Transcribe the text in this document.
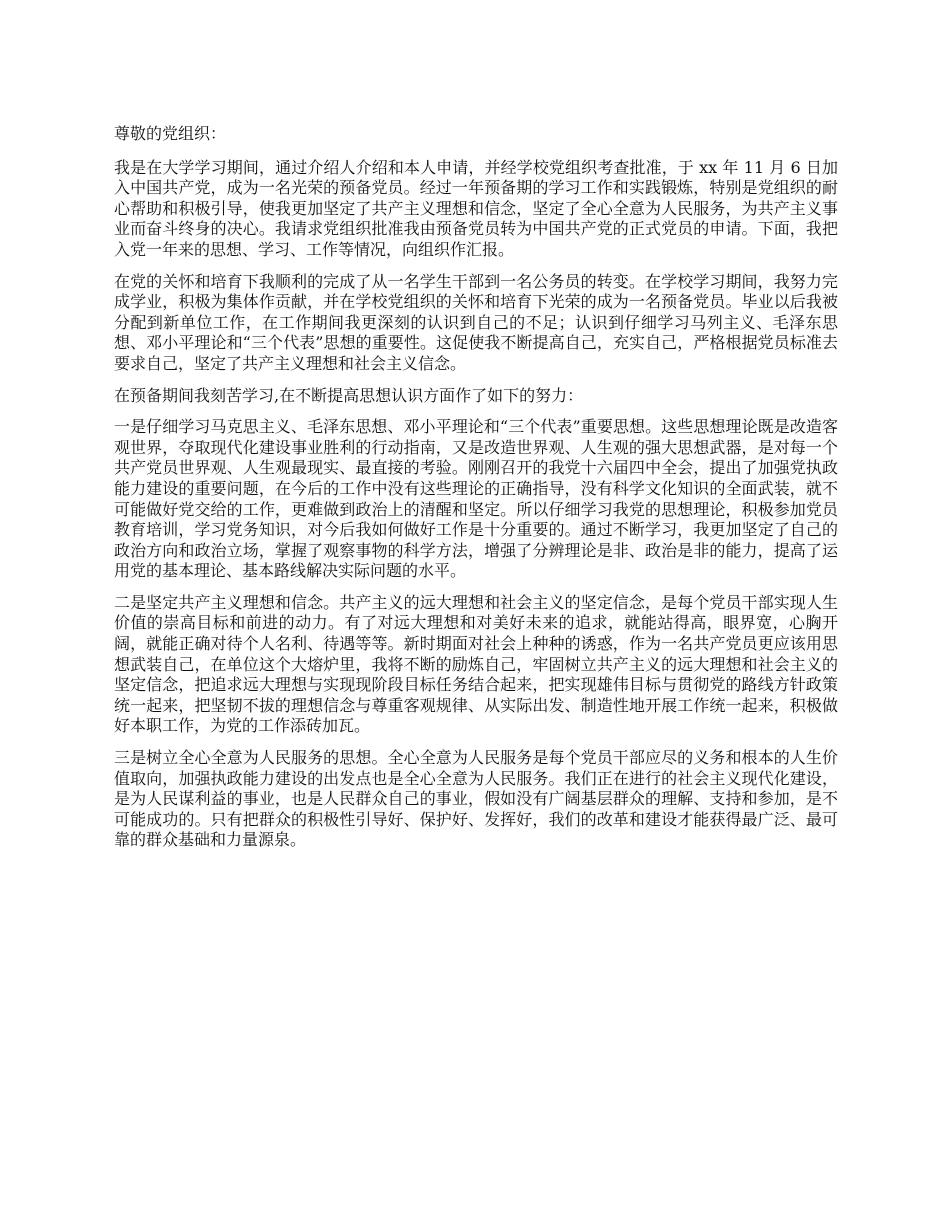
尊敬的党组织：

我是在大学学习期间，通过介绍人介绍和本人申请，并经学校党组织考查批准，于 xx 年 11 月 6 日加入中国共产党，成为一名光荣的预备党员。经过一年预备期的学习工作和实践锻炼，特别是党组织的耐心帮助和积极引导，使我更加坚定了共产主义理想和信念，坚定了全心全意为人民服务，为共产主义事业而奋斗终身的决心。我请求党组织批准我由预备党员转为中国共产党的正式党员的申请。下面，我把入党一年来的思想、学习、工作等情况，向组织作汇报。

在党的关怀和培育下我顺利的完成了从一名学生干部到一名公务员的转变。在学校学习期间，我努力完成学业，积极为集体作贡献，并在学校党组织的关怀和培育下光荣的成为一名预备党员。毕业以后我被分配到新单位工作，在工作期间我更深刻的认识到自己的不足；认识到仔细学习马列主义、毛泽东思想、邓小平理论和“三个代表”思想的重要性。这促使我不断提高自己，充实自己，严格根据党员标准去要求自己，坚定了共产主义理想和社会主义信念。

在预备期间我刻苦学习,在不断提高思想认识方面作了如下的努力：

一是仔细学习马克思主义、毛泽东思想、邓小平理论和“三个代表”重要思想。这些思想理论既是改造客观世界，夺取现代化建设事业胜利的行动指南，又是改造世界观、人生观的强大思想武器，是对每一个共产党员世界观、人生观最现实、最直接的考验。刚刚召开的我党十六届四中全会，提出了加强党执政能力建设的重要问题，在今后的工作中没有这些理论的正确指导，没有科学文化知识的全面武装，就不可能做好党交给的工作，更难做到政治上的清醒和坚定。所以仔细学习我党的思想理论，积极参加党员教育培训，学习党务知识，对今后我如何做好工作是十分重要的。通过不断学习，我更加坚定了自己的政治方向和政治立场，掌握了观察事物的科学方法，增强了分辨理论是非、政治是非的能力，提高了运用党的基本理论、基本路线解决实际问题的水平。

二是坚定共产主义理想和信念。共产主义的远大理想和社会主义的坚定信念，是每个党员干部实现人生价值的崇高目标和前进的动力。有了对远大理想和对美好未来的追求，就能站得高，眼界宽，心胸开阔，就能正确对待个人名利、待遇等等。新时期面对社会上种种的诱惑，作为一名共产党员更应该用思想武装自己，在单位这个大熔炉里，我将不断的励炼自己，牢固树立共产主义的远大理想和社会主义的坚定信念，把追求远大理想与实现现阶段目标任务结合起来，把实现雄伟目标与贯彻党的路线方针政策统一起来，把坚韧不拔的理想信念与尊重客观规律、从实际出发、制造性地开展工作统一起来，积极做好本职工作，为党的工作添砖加瓦。

三是树立全心全意为人民服务的思想。全心全意为人民服务是每个党员干部应尽的义务和根本的人生价值取向，加强执政能力建设的出发点也是全心全意为人民服务。我们正在进行的社会主义现代化建设，是为人民谋利益的事业，也是人民群众自己的事业，假如没有广阔基层群众的理解、支持和参加，是不可能成功的。只有把群众的积极性引导好、保护好、发挥好，我们的改革和建设才能获得最广泛、最可靠的群众基础和力量源泉。
